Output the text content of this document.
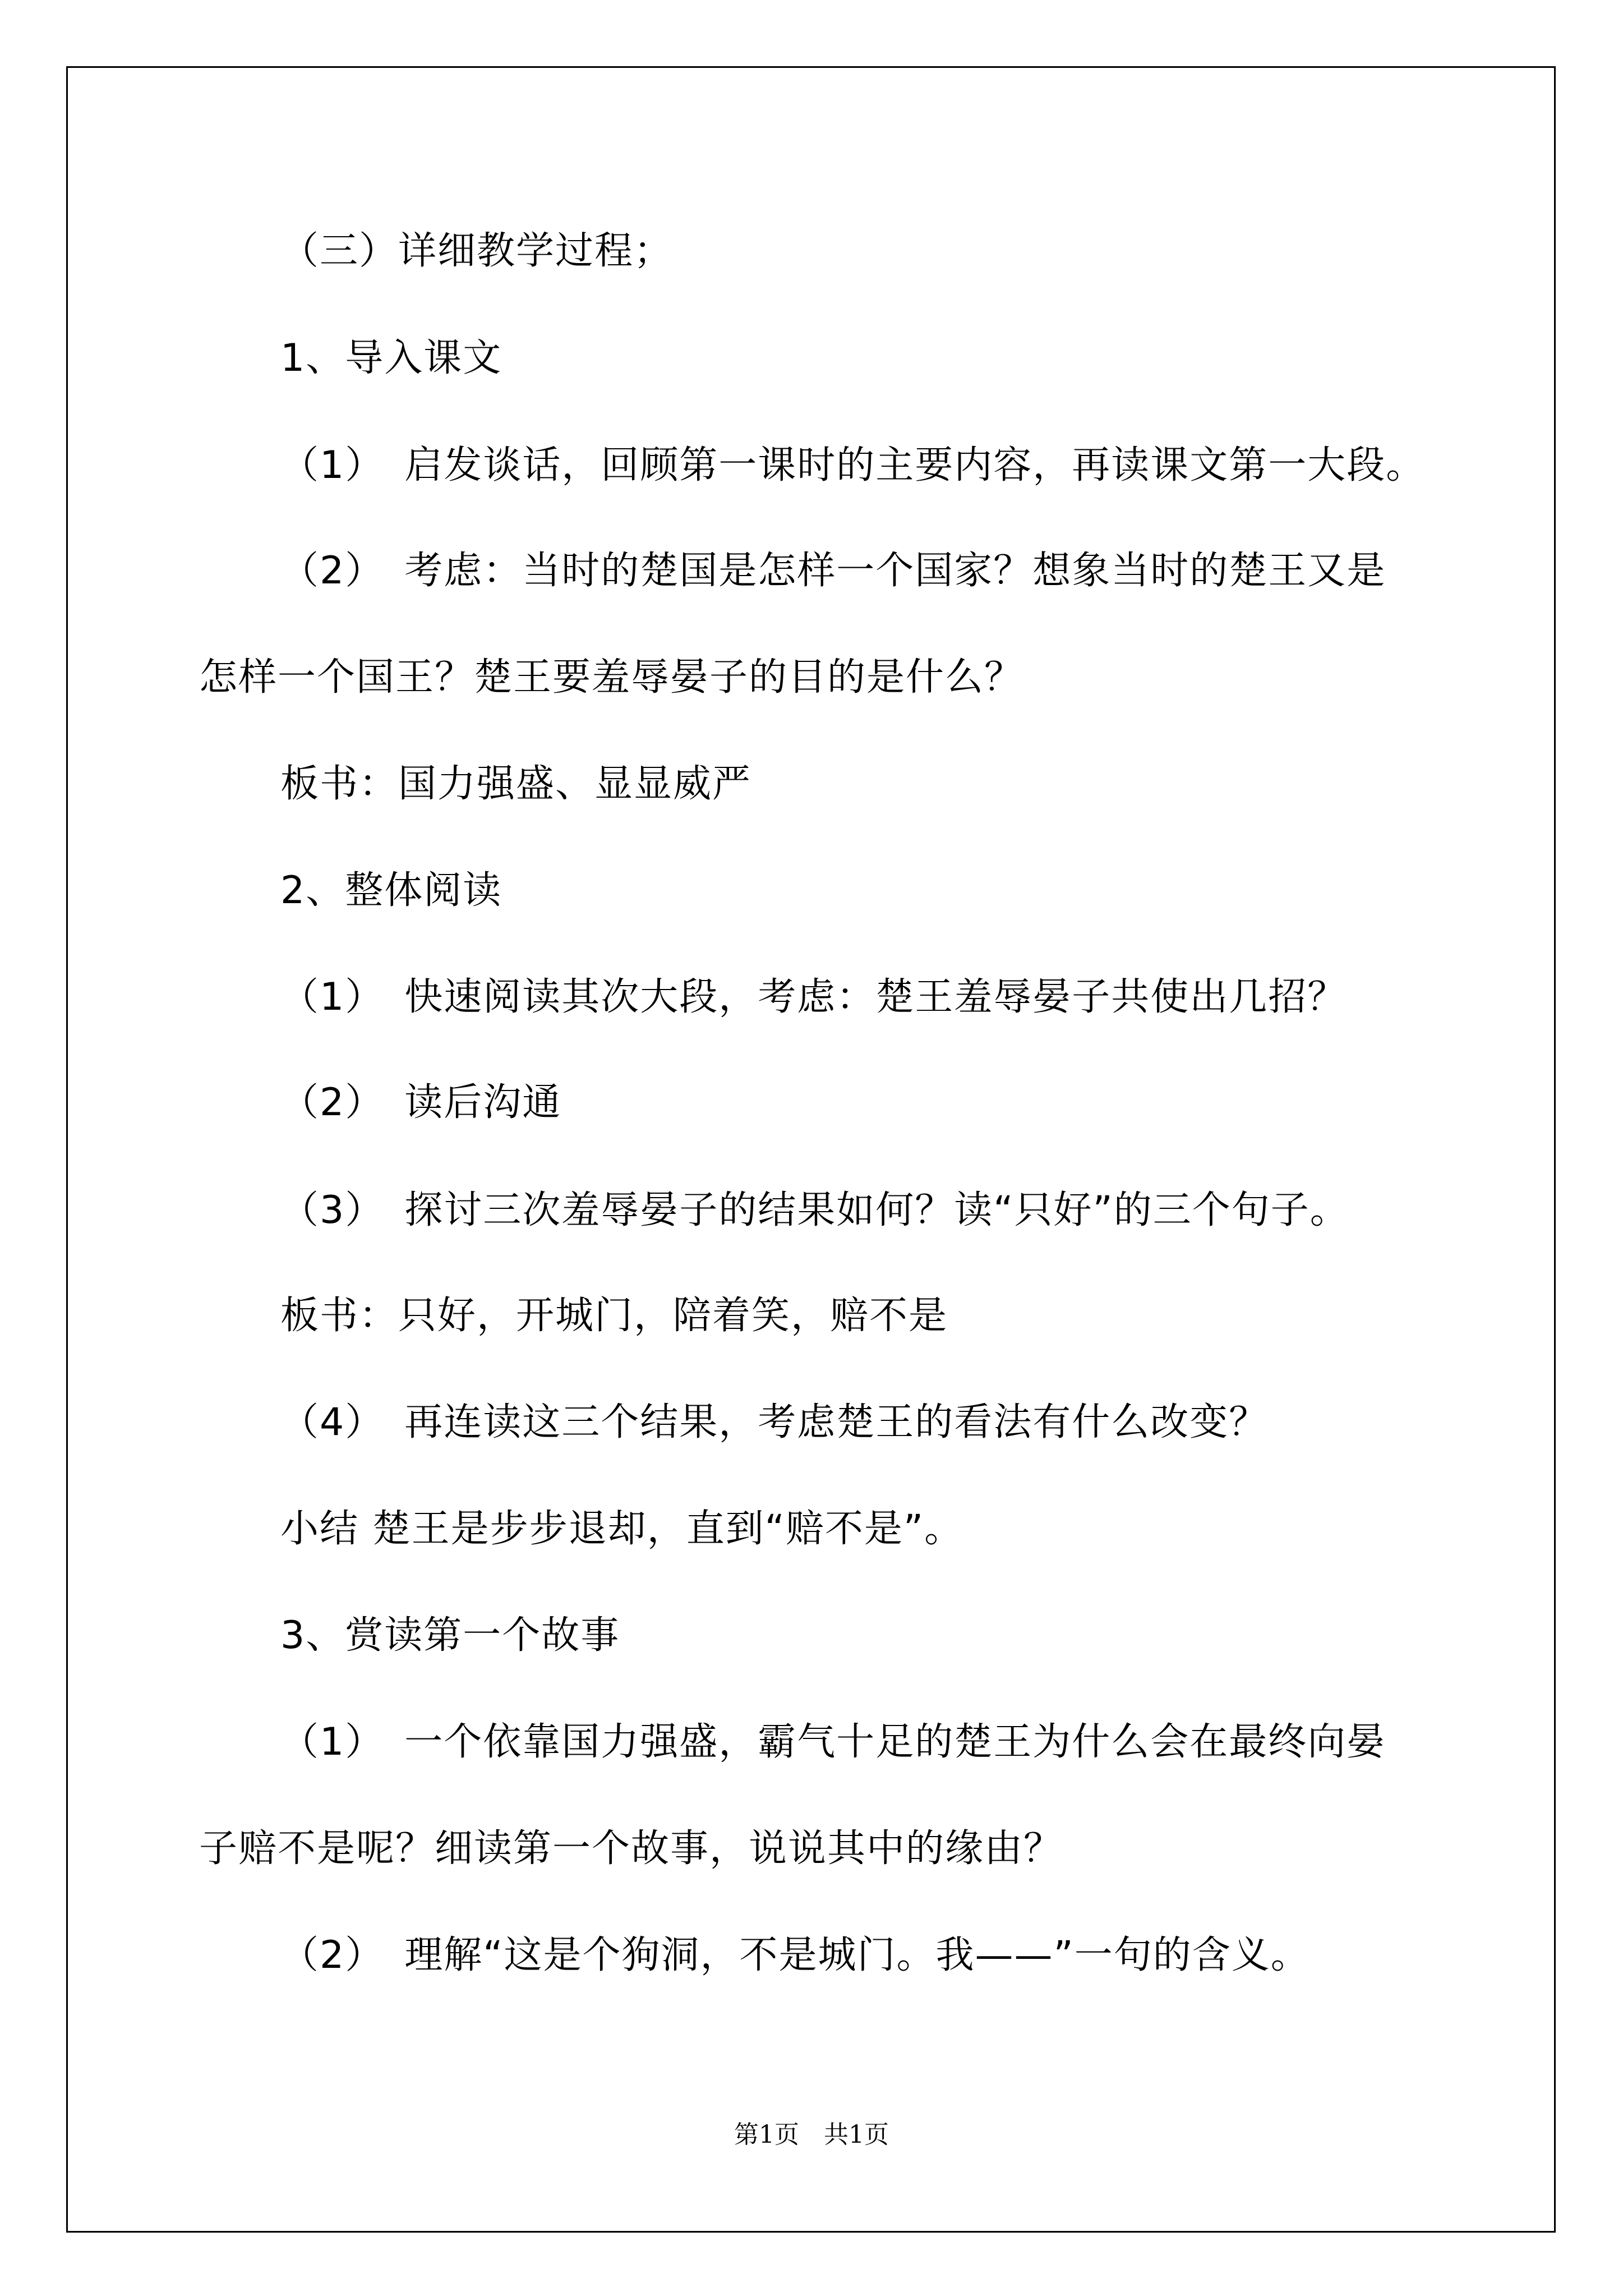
（三）详细教学过程；
1、导入课文
（1）　启发谈话，回顾第一课时的主要内容，再读课文第一大段。
（2）　考虑：当时的楚国是怎样一个国家？想象当时的楚王又是
怎样一个国王？楚王要羞辱晏子的目的是什么？
板书：国力强盛、显显威严
2、整体阅读
（1）　快速阅读其次大段，考虑：楚王羞辱晏子共使出几招？
（2）　读后沟通
（3）　探讨三次羞辱晏子的结果如何？读“只好”的三个句子。
板书：只好，开城门，陪着笑，赔不是
（4）　再连读这三个结果，考虑楚王的看法有什么改变？
小结 楚王是步步退却，直到“赔不是”。
3、赏读第一个故事
（1）　一个依靠国力强盛，霸气十足的楚王为什么会在最终向晏
子赔不是呢？细读第一个故事，说说其中的缘由？
（2）　理解“这是个狗洞，不是城门。我——”一句的含义。
第1页　共1页
